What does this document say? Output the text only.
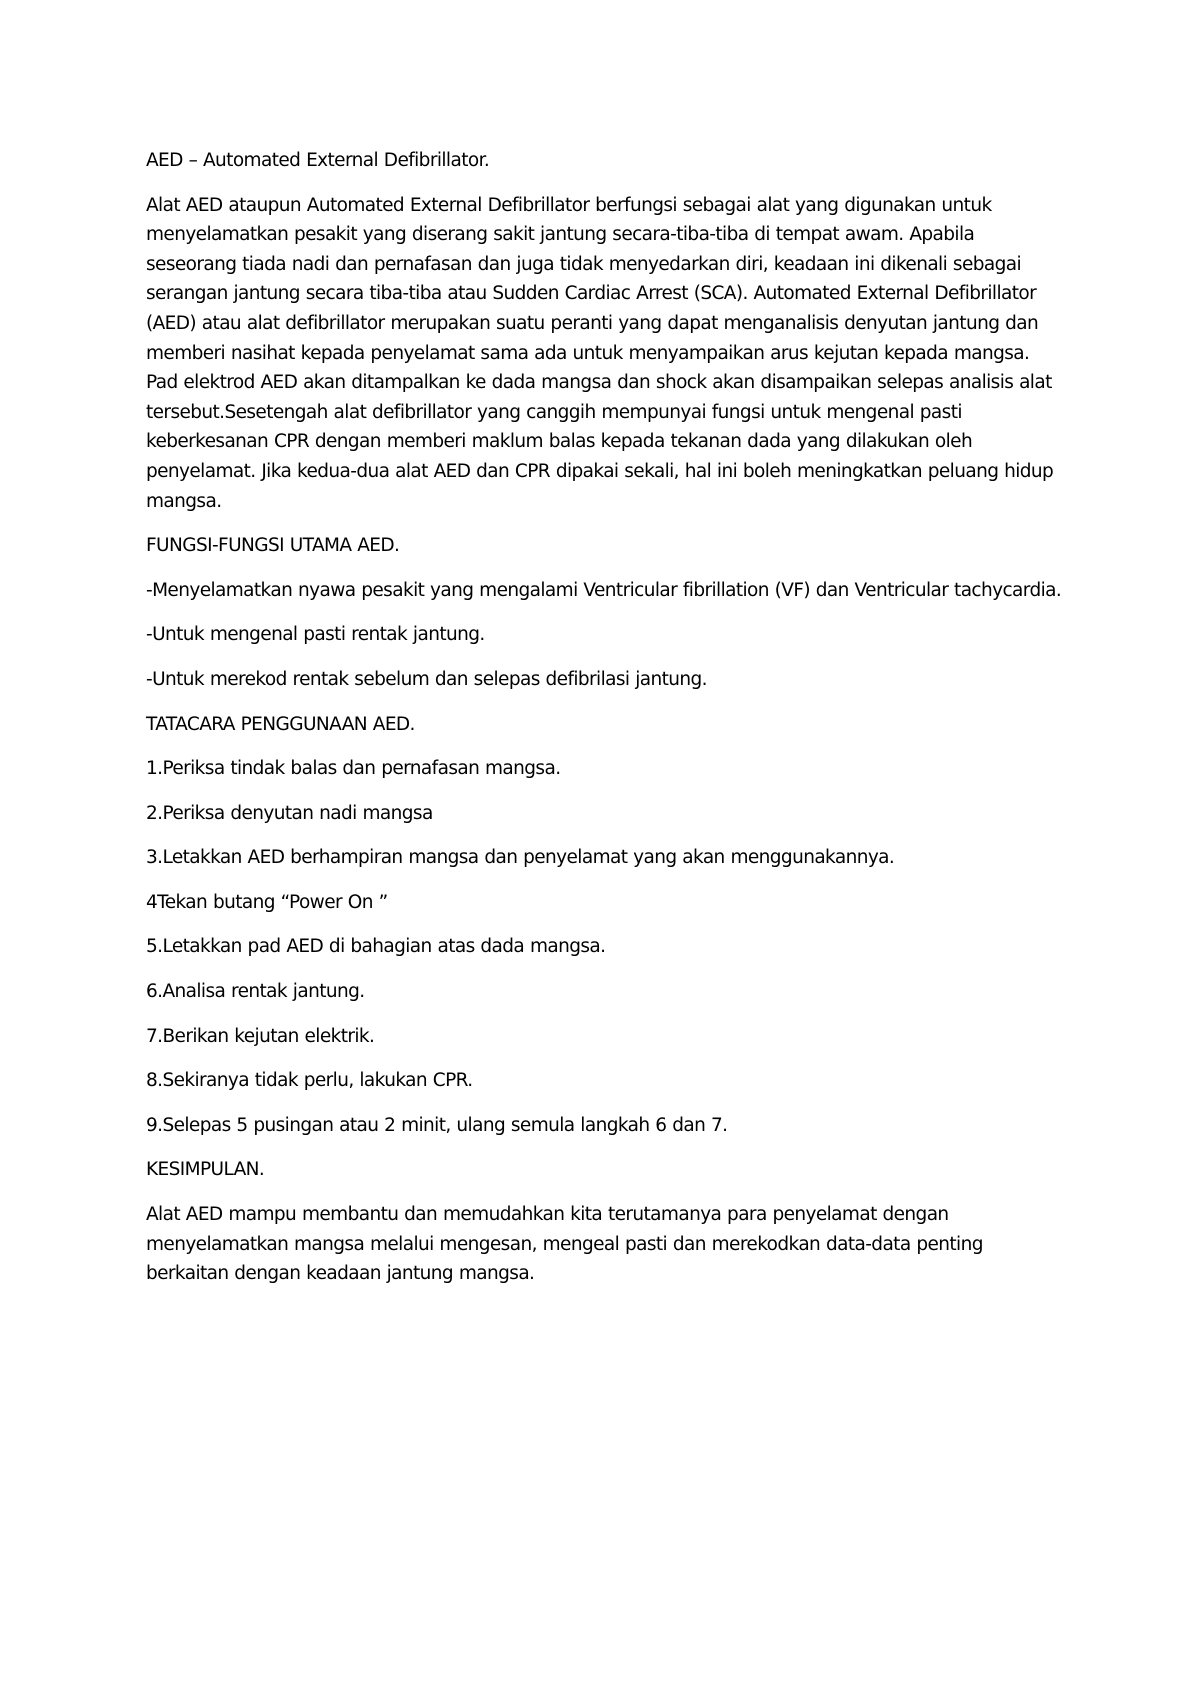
AED – Automated External Defibrillator.

Alat AED ataupun Automated External Defibrillator berfungsi sebagai alat yang digunakan untuk menyelamatkan pesakit yang diserang sakit jantung secara-tiba-tiba di tempat awam. Apabila seseorang tiada nadi dan pernafasan dan juga tidak menyedarkan diri, keadaan ini dikenali sebagai serangan jantung secara tiba-tiba atau Sudden Cardiac Arrest (SCA). Automated External Defibrillator (AED) atau alat defibrillator merupakan suatu peranti yang dapat menganalisis denyutan jantung dan memberi nasihat kepada penyelamat sama ada untuk menyampaikan arus kejutan kepada mangsa. Pad elektrod AED akan ditampalkan ke dada mangsa dan shock akan disampaikan selepas analisis alat tersebut.Sesetengah alat defibrillator yang canggih mempunyai fungsi untuk mengenal pasti keberkesanan CPR dengan memberi maklum balas kepada tekanan dada yang dilakukan oleh penyelamat. Jika kedua-dua alat AED dan CPR dipakai sekali, hal ini boleh meningkatkan peluang hidup mangsa.

FUNGSI-FUNGSI UTAMA AED.

-Menyelamatkan nyawa pesakit yang mengalami Ventricular fibrillation (VF) dan Ventricular tachycardia.

-Untuk mengenal pasti rentak jantung.

-Untuk merekod rentak sebelum dan selepas defibrilasi jantung.

TATACARA PENGGUNAAN AED.

1.Periksa tindak balas dan pernafasan mangsa.

2.Periksa denyutan nadi mangsa

3.Letakkan AED berhampiran mangsa dan penyelamat yang akan menggunakannya.

4Tekan butang “Power On ”

5.Letakkan pad AED di bahagian atas dada mangsa.

6.Analisa rentak jantung.

7.Berikan kejutan elektrik.

8.Sekiranya tidak perlu, lakukan CPR.

9.Selepas 5 pusingan atau 2 minit, ulang semula langkah 6 dan 7.

KESIMPULAN.

Alat AED mampu membantu dan memudahkan kita terutamanya para penyelamat dengan menyelamatkan mangsa melalui mengesan, mengeal pasti dan merekodkan data-data penting berkaitan dengan keadaan jantung mangsa.
